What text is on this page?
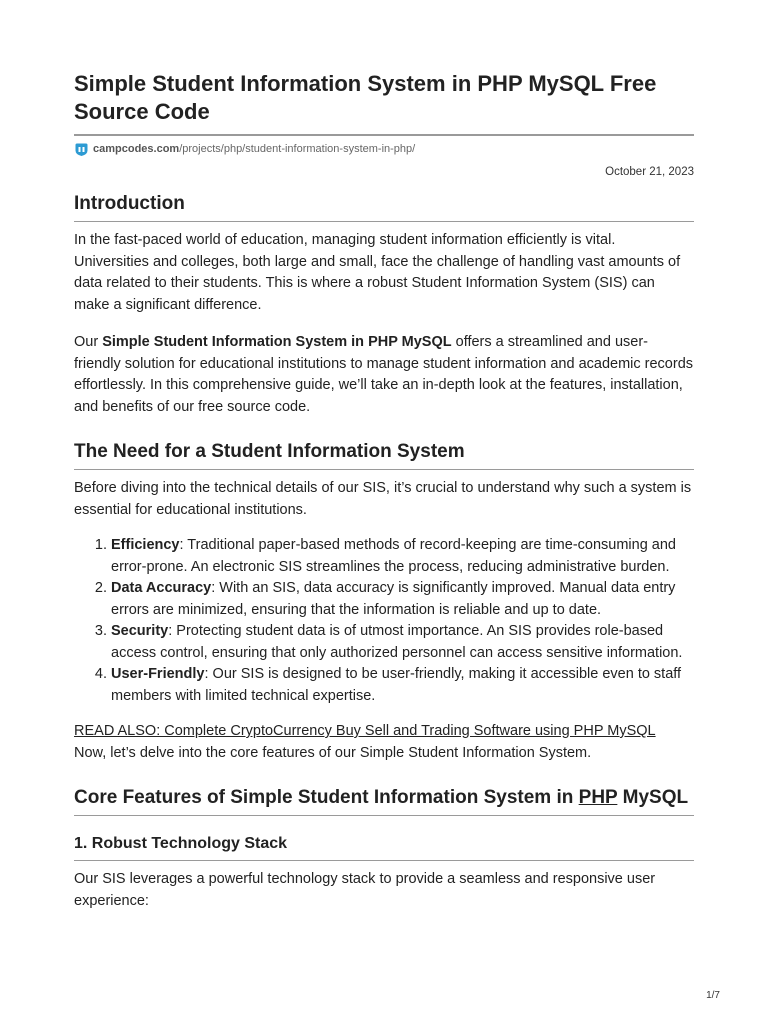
Simple Student Information System in PHP MySQL Free Source Code
campcodes.com /projects/php/student-information-system-in-php/
October 21, 2023
Introduction

In the fast-paced world of education, managing student information efficiently is vital. Universities and colleges, both large and small, face the challenge of handling vast amounts of data related to their students. This is where a robust Student Information System (SIS) can make a significant difference.

Our Simple Student Information System in PHP MySQL offers a streamlined and user-friendly solution for educational institutions to manage student information and academic records effortlessly. In this comprehensive guide, we’ll take an in-depth look at the features, installation, and benefits of our free source code.

The Need for a Student Information System

Before diving into the technical details of our SIS, it’s crucial to understand why such a system is essential for educational institutions.

1. Efficiency: Traditional paper-based methods of record-keeping are time-consuming and error-prone. An electronic SIS streamlines the process, reducing administrative burden.
2. Data Accuracy: With an SIS, data accuracy is significantly improved. Manual data entry errors are minimized, ensuring that the information is reliable and up to date.
3. Security: Protecting student data is of utmost importance. An SIS provides role-based access control, ensuring that only authorized personnel can access sensitive information.
4. User-Friendly: Our SIS is designed to be user-friendly, making it accessible even to staff members with limited technical expertise.

READ ALSO: Complete CryptoCurrency Buy Sell and Trading Software using PHP MySQL
Now, let’s delve into the core features of our Simple Student Information System.

Core Features of Simple Student Information System in PHP MySQL
1. Robust Technology Stack

Our SIS leverages a powerful technology stack to provide a seamless and responsive user experience:

1/7
